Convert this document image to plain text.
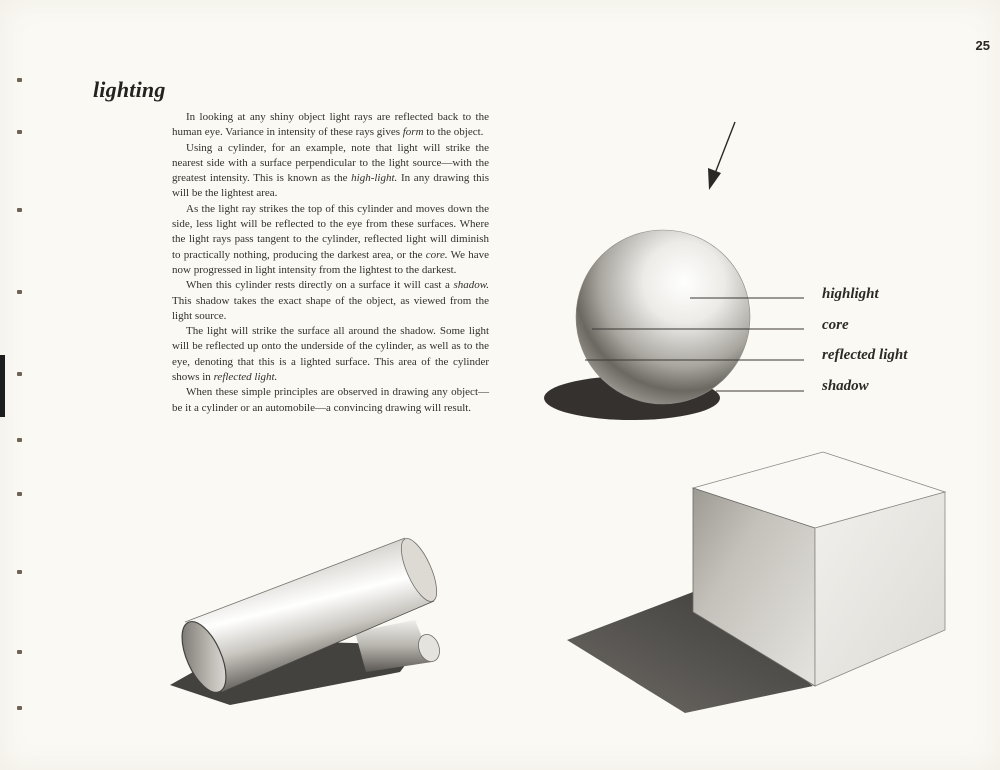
25
lighting

In looking at any shiny object light rays are reflected back to the human eye. Variance in intensity of these rays gives form to the object.

Using a cylinder, for an example, note that light will strike the nearest side with a surface perpendicular to the light source—with the greatest intensity. This is known as the high-light. In any drawing this will be the lightest area.

As the light ray strikes the top of this cylinder and moves down the side, less light will be reflected to the eye from these surfaces. Where the light rays pass tangent to the cylinder, reflected light will diminish to practically nothing, producing the darkest area, or the core. We have now progressed in light intensity from the lightest to the darkest.

When this cylinder rests directly on a surface it will cast a shadow. This shadow takes the exact shape of the object, as viewed from the light source.

The light will strike the surface all around the shadow. Some light will be reflected up onto the underside of the cylinder, as well as to the eye, denoting that this is a lighted surface. This area of the cylinder shows in reflected light.

When these simple principles are observed in drawing any object—be it a cylinder or an automobile—a convincing drawing will result.

highlight
core
reflected light
shadow
